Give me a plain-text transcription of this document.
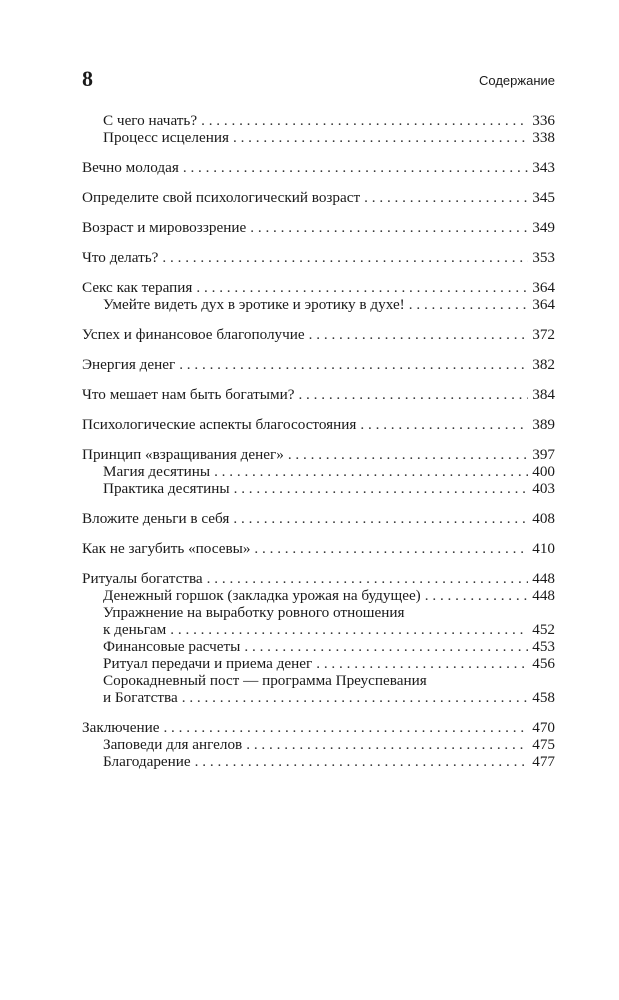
8	Содержание
С чего начать? . . .	336
Процесс исцеления . . .	338
Вечно молодая . . .	343
Определите свой психологический возраст . . .	345
Возраст и мировоззрение . . .	349
Что делать? . . .	353
Секс как терапия . . .	364
Умейте видеть дух в эротике и эротику в духе! . . .	364
Успех и финансовое благополучие . . .	372
Энергия денег . . .	382
Что мешает нам быть богатыми? . . .	384
Психологические аспекты благосостояния . . .	389
Принцип «взращивания денег» . . .	397
Магия десятины . . .	400
Практика десятины . . .	403
Вложите деньги в себя . . .	408
Как не загубить «посевы» . . .	410
Ритуалы богатства . . .	448
Денежный горшок (закладка урожая на будущее) . . .	448
Упражнение на выработку ровного отношения
к деньгам . . .	452
Финансовые расчеты . . .	453
Ритуал передачи и приема денег . . .	456
Сорокадневный пост — программа Преуспевания
и Богатства . . .	458
Заключение . . .	470
Заповеди для ангелов . . .	475
Благодарение . . .	477
